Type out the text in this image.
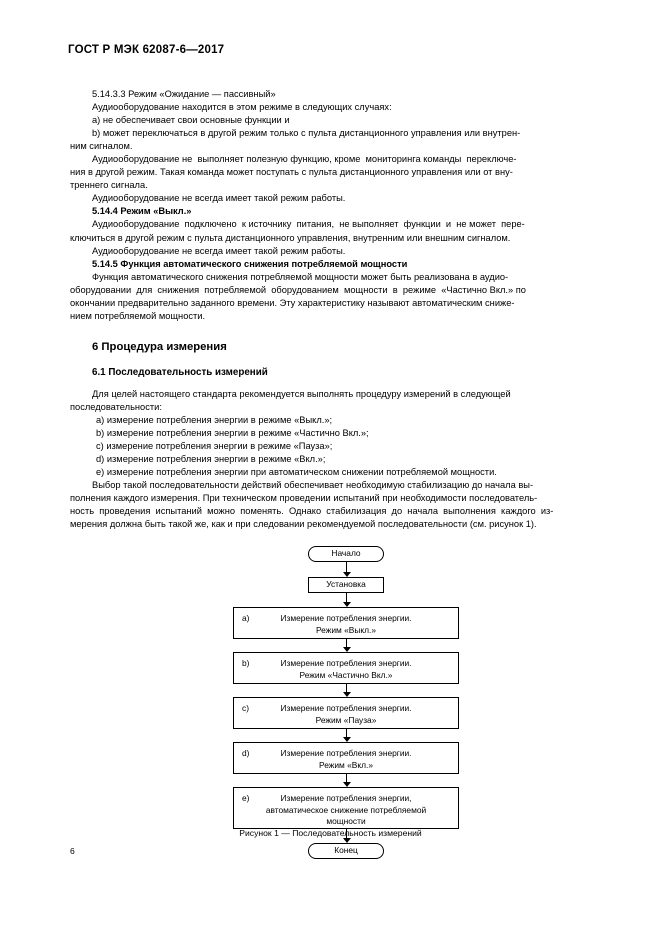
ГОСТ Р МЭК 62087-6—2017
5.14.3.3 Режим «Ожидание — пассивный»
Аудиооборудование находится в этом режиме в следующих случаях:
a) не обеспечивает свои основные функции и
b) может переключаться в другой режим только с пульта дистанционного управления или внутрен-
ним сигналом.
Аудиооборудование не  выполняет полезную функцию, кроме  мониторинга команды  переключе-
ния в другой режим. Такая команда может поступать с пульта дистанционного управления или от вну-
треннего сигнала.
Аудиооборудование не всегда имеет такой режим работы.
5.14.4 Режим «Выкл.»
Аудиооборудование  подключено  к источнику  питания,  не выполняет  функции  и  не может  пере-
ключиться в другой режим с пульта дистанционного управления, внутренним или внешним сигналом.
Аудиооборудование не всегда имеет такой режим работы.
5.14.5 Функция автоматического снижения потребляемой мощности
Функция автоматического снижения потребляемой мощности может быть реализована в аудио-
оборудовании  для  снижения  потребляемой  оборудованием  мощности  в  режиме  «Частично Вкл.» по
окончании предварительно заданного времени. Эту характеристику называют автоматическим сниже-
нием потребляемой мощности.
6 Процедура измерения
6.1 Последовательность измерений
Для целей настоящего стандарта рекомендуется выполнять процедуру измерений в следующей
последовательности:
a) измерение потребления энергии в режиме «Выкл.»;
b) измерение потребления энергии в режиме «Частично Вкл.»;
c) измерение потребления энергии в режиме «Пауза»;
d) измерение потребления энергии в режиме «Вкл.»;
e) измерение потребления энергии при автоматическом снижении потребляемой мощности.
Выбор такой последовательности действий обеспечивает необходимую стабилизацию до начала вы-
полнения каждого измерения. При техническом проведении испытаний при необходимости последователь-
ность  проведения  испытаний  можно  поменять.  Однако  стабилизация  до  начала  выполнения  каждого  из-
мерения должна быть такой же, как и при следовании рекомендуемой последовательности (см. рисунок 1).
Начало
Установка
a)	Измерение потребления энергии.
Режим «Выкл.»
b)	Измерение потребления энергии.
Режим «Частично Вкл.»
c)	Измерение потребления энергии.
Режим «Пауза»
d)	Измерение потребления энергии.
Режим «Вкл.»
e)	Измерение потребления энергии,
автоматическое снижение потребляемой
мощности
Конец
Рисунок 1 — Последовательность измерений
6
